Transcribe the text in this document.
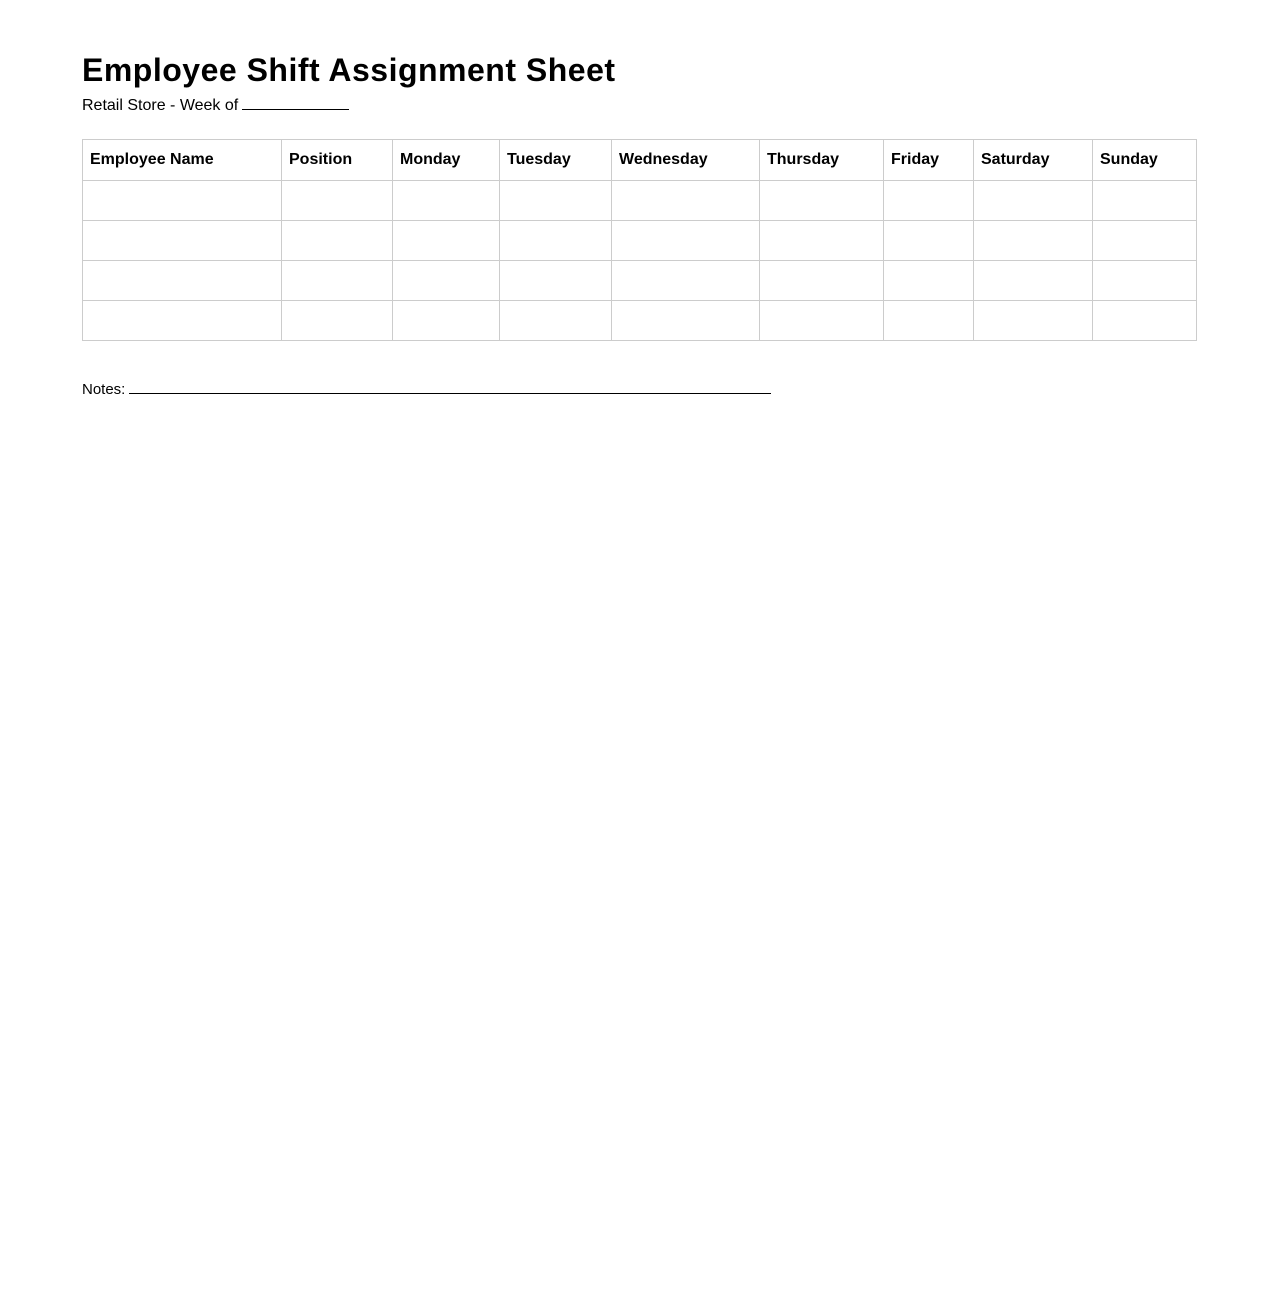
Employee Shift Assignment Sheet
Retail Store - Week of
Employee Name	Position	Monday	Tuesday	Wednesday	Thursday	Friday	Saturday	Sunday

Notes:
